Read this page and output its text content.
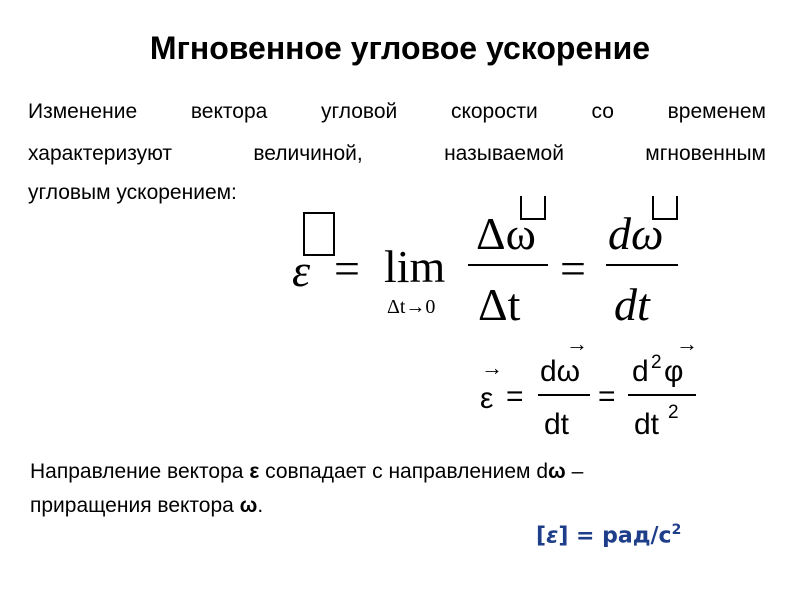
Мгновенное угловое ускорение
Изменение вектора угловой скорости со временем
характеризуют величиной, называемой мгновенным
угловым ускорением:
ε = lim
Δt→0
Δω
Δt
=
dω
dt
→
ε =
→
dω
dt
=
→
d 2 φ
dt 2
Направление вектора ε совпадает с направлением dω –
приращения вектора ω.
[ε] = рад/$с^2$
